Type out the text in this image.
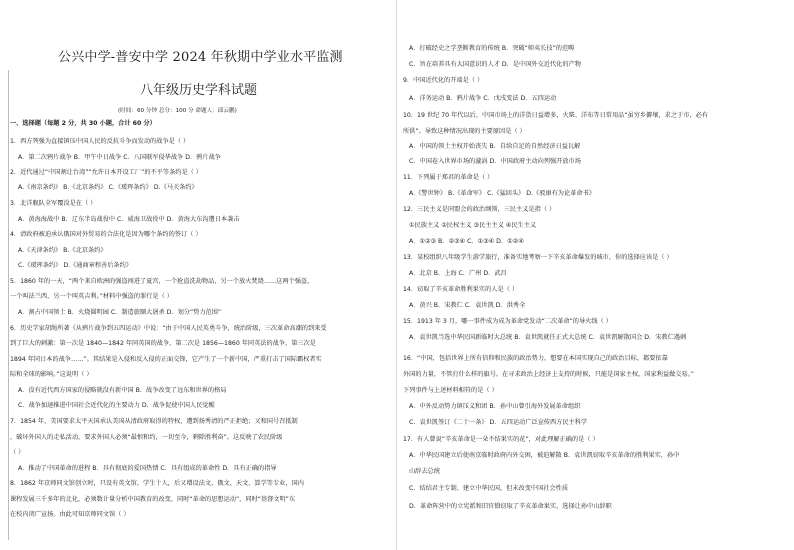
公兴中学-普安中学 2024 年秋期中学业水平监测
八年级历史学科试题
(时间：60 分钟 总分：100 分 命题人：邱云鹏)
一、选择题（每题 2 分，共 30 小题，合计 60 分）
1．西方列强为直接镇压中国人民的反抗斗争而发动的战争是（ ）
A．第二次鸦片战争 B．甲午中日战争 C．八国联军侵华战争 D．鸦片战争
2．近代通过“中国割让台湾”“允许日本开设工厂”的不平等条约是（ ）
A.《南京条约》 B.《北京条约》 C.《瑷珲条约》 D.《马关条约》
3．北洋舰队全军覆没是在（ ）
A．黄海海战中 B．辽东半岛战役中 C．威海卫战役中 D．黄海大东沟遭日本袭击
4．清政府被迫承认俄国对外贸易的合法化是因为哪个条约的签订（ ）
A.《天津条约》 B.《北京条约》
C.《瑷珲条约》 D.《通商章程善后条约》
5．1860 年的一天，“两个来自欧洲的强盗闯进了夏宫，一个抢盗洗劫物品，另一个放火焚烧……这两个强盗，
一个叫法兰西，另一个叫英吉利。”材料中强盗的罪行是（ ）
A．割占中国领土 B．火烧圆明园 C．制造旅顺大屠杀 D．划分“势力范围”
6．历史学家胡绳所著《从鸦片战争到五四运动》中说：“由于中国人民英勇斗争，统治阶级，三次革命高潮的到来受
到了巨大的刺激：第一次是 1840—1842 年同英国的战争，第二次是 1856—1860 年同英法的战争，第三次是
1894 年同日本的战争……”。其结果是入侵和反入侵的正面交锋，它产生了一个新中国，严重打击了国际霸权者实
际和全球的影响。”这说明（ ）
A．没有近代西方国家的侵略就没有新中国 B．战争改变了远东和世界的格局
C．战争加速推进中国社会近代化的主要动力 D．战争促使中国人民觉醒
7．1854 年，美国要求太平天国承认美国从清政府取得的特权，遭到扬秀清的严正拒绝；又和国号召抵制
，破坏外国人的走私活动，要求外国人必须“最恨和约，一切至今，剩除胜利奋”。这反映了农民阶级
（ ）
A．推动了中国革命的进程 B．具有彻底的爱国热情 C．具有组成的革命性 D．具有正确的指导
8．1862 年京师同文馆创立时，只设有英文馆，学生十人，后又增设法文、俄文、天文、算学等专业，国内
课程发展三千多年的北化，必须数计量分析中国教育的改变，同时“革命的思想运动”，同时“基督文明”东
在校内闭广宣扬。由此可知京师同文馆（ ）
A．打破经史之学垄断教育的传统 B．突破“师夷长技”的范畴
C．旨在培养具有大国意识的人才 D．是中国外交近代化的产物
9．中国近代化的开端是（ ）
A．洋务运动 B．鸦片战争 C．戊戌变法 D．五四运动
10．19 世纪 70 年代以后，中国市场上的洋货日益增多，火柴、洋布等日常用品“虽穷乡僻壤，求之于市，必有
所供”。导致这种情况出现的主要原因是（ ）
A．中国的领土主权开始丧失 B．自给自足的自然经济日益瓦解
C．中国卷入世界市场的漩涡 D．中国政府主动向列强开放市场
11．下列属于郑君的革命是（ ）
A.《警世钟》 B.《革命军》 C.《猛回头》 D.《驳康有为论革命书》
12．三民主义是同盟会的政治纲领，三民主义是指（ ）
①民族主义 ②民权主义 ③民主主义 ④民生主义
A．①②③ B．②③④ C．①③④ D．①②④
13．某校组织八年级学生游学旅行，准备实地考察一下辛亥革命爆发的城市，你的选择应该是（ ）
A．北京 B．上海 C．广州 D．武昌
14．窃取了辛亥革命胜利果实的人是（ ）
A．黄兴 B．宋教仁 C．袁世凯 D．洪秀全
15．1913 年 3 月，哪一事件成为成为革命党发动“二次革命”的导火线（ ）
A．袁世凯当选中华民国新临时大总统 B．袁世凯就任正式大总统 C．袁世凯解散国会 D．宋教仁遇刺
16．“中国，包括世界上所有信仰和民族的政治势力，想要在本国实现自己的政治目标，都要依靠
外国的力量，不管打什么样的旗号。在寻求政治上经济上支持的时候，只能是国家主权、国家利益做交易。”
下列事件与上述材料相符的是（ ）
A．中外反动势力镇压义和团 B．孙中山曾引海外发展革命组织
C．袁世凯签订《二十一条》 D．五四运动广泛宣传西方民主科学
17．有人曾说“辛亥革命是一朵不结果实的花”，对此理解正确的是（ ）
A．中华民国建立后使南京临时政府内外交困，被迫解散 B．袁世凯窃取辛亥革命的胜利果实，孙中
山辞去总统
C．结结君主专制、建立中华民国，但未改变中国社会性质
D．革命阵营中的立宪派和旧官僚窃取了辛亥革命果实，选择让孙中山辞职
